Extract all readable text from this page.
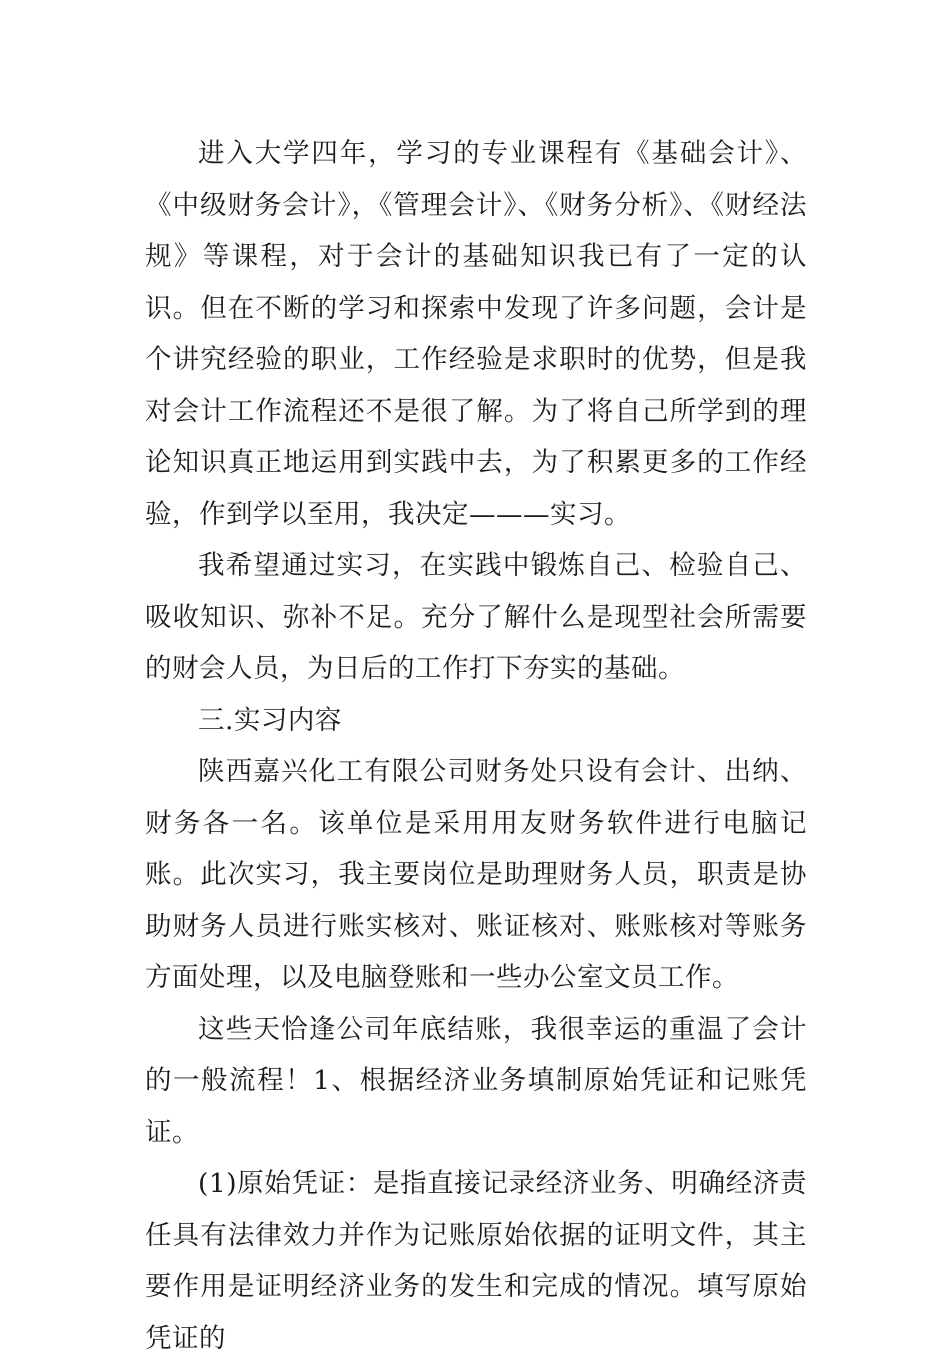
进入大学四年，学习的专业课程有《基础会计》、《中级财务会计》，《管理会计》、《财务分析》、《财经法规》等课程，对于会计的基础知识我已有了一定的认识。但在不断的学习和探索中发现了许多问题，会计是个讲究经验的职业，工作经验是求职时的优势，但是我对会计工作流程还不是很了解。为了将自己所学到的理论知识真正地运用到实践中去，为了积累更多的工作经验，作到学以至用，我决定———实习。

我希望通过实习，在实践中锻炼自己、检验自己、吸收知识、弥补不足。充分了解什么是现型社会所需要的财会人员，为日后的工作打下夯实的基础。

三.实习内容

陕西嘉兴化工有限公司财务处只设有会计、出纳、财务各一名。该单位是采用用友财务软件进行电脑记账。此次实习，我主要岗位是助理财务人员，职责是协助财务人员进行账实核对、账证核对、账账核对等账务方面处理，以及电脑登账和一些办公室文员工作。

这些天恰逢公司年底结账，我很幸运的重温了会计的一般流程！1、根据经济业务填制原始凭证和记账凭证。

(1)原始凭证：是指直接记录经济业务、明确经济责任具有法律效力并作为记账原始依据的证明文件，其主要作用是证明经济业务的发生和完成的情况。填写原始凭证的
